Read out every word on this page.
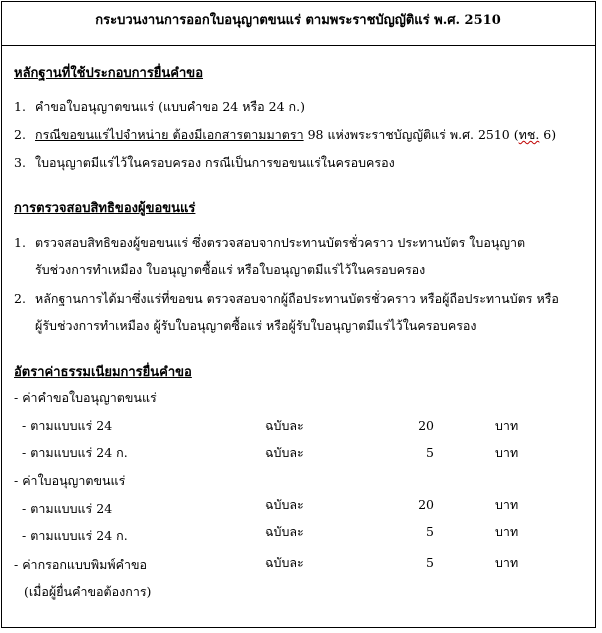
กระบวนงานการออกใบอนุญาตขนแร่ ตามพระราชบัญญัติแร่ พ.ศ. 2510
หลักฐานที่ใช้ประกอบการยื่นคำขอ
1. คำขอใบอนุญาตขนแร่ (แบบคำขอ 24 หรือ 24 ก.)
2. กรณีขอขนแร่ไปจำหน่าย ต้องมีเอกสารตามมาตรา 98 แห่งพระราชบัญญัติแร่ พ.ศ. 2510 (ทช. 6)
3. ใบอนุญาตมีแร่ไว้ในครอบครอง กรณีเป็นการขอขนแร่ในครอบครอง
การตรวจสอบสิทธิของผู้ขอขนแร่
1. ตรวจสอบสิทธิของผู้ขอขนแร่ ซึ่งตรวจสอบจากประทานบัตรชั่วคราว ประทานบัตร ใบอนุญาต
รับช่วงการทำเหมือง ใบอนุญาตซื้อแร่ หรือใบอนุญาตมีแร่ไว้ในครอบครอง
2. หลักฐานการได้มาซึ่งแร่ที่ขอขน ตรวจสอบจากผู้ถือประทานบัตรชั่วคราว หรือผู้ถือประทานบัตร หรือ
ผู้รับช่วงการทำเหมือง ผู้รับใบอนุญาตซื้อแร่ หรือผู้รับใบอนุญาตมีแร่ไว้ในครอบครอง
อัตราค่าธรรมเนียมการยื่นคำขอ
- ค่าคำขอใบอนุญาตขนแร่
- ตามแบบแร่ 24	ฉบับละ	20	บาท
- ตามแบบแร่ 24 ก.	ฉบับละ	5	บาท
- ค่าใบอนุญาตขนแร่
- ตามแบบแร่ 24	ฉบับละ	20	บาท
- ตามแบบแร่ 24 ก.	ฉบับละ	5	บาท
- ค่ากรอกแบบพิมพ์คำขอ	ฉบับละ	5	บาท
(เมื่อผู้ยื่นคำขอต้องการ)
